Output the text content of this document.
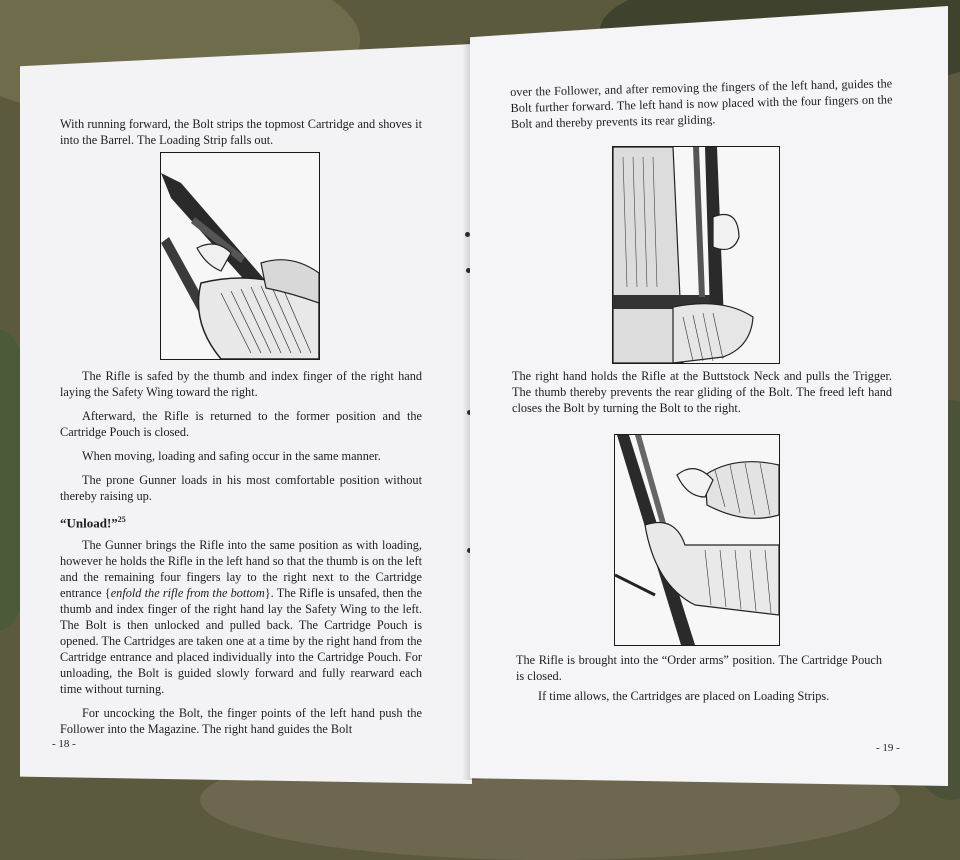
With running forward, the Bolt strips the topmost Cartridge and shoves it into the Barrel. The Loading Strip falls out.

The Rifle is safed by the thumb and index finger of the right hand laying the Safety Wing toward the right.

Afterward, the Rifle is returned to the former position and the Cartridge Pouch is closed.

When moving, loading and safing occur in the same manner.

The prone Gunner loads in his most comfortable position without thereby raising up.

“Unload!”$^{25}$

The Gunner brings the Rifle into the same position as with loading, however he holds the Rifle in the left hand so that the thumb is on the left and the remaining four fingers lay to the right next to the Cartridge entrance {enfold the rifle from the bottom}. The Rifle is unsafed, then the thumb and index finger of the right hand lay the Safety Wing to the left. The Bolt is then unlocked and pulled back. The Cartridge Pouch is opened. The Cartridges are taken one at a time by the right hand from the Cartridge entrance and placed individually into the Cartridge Pouch. For unloading, the Bolt is guided slowly forward and fully rearward each time without turning.

For uncocking the Bolt, the finger points of the left hand push the Follower into the Magazine. The right hand guides the Bolt

- 18 -

over the Follower, and after removing the fingers of the left hand, guides the Bolt further forward. The left hand is now placed with the four fingers on the Bolt and thereby prevents its rear gliding.

The right hand holds the Rifle at the Buttstock Neck and pulls the Trigger. The thumb thereby prevents the rear gliding of the Bolt. The freed left hand closes the Bolt by turning the Bolt to the right.

The Rifle is brought into the “Order arms” position. The Cartridge Pouch is closed.

If time allows, the Cartridges are placed on Loading Strips.

- 19 -
